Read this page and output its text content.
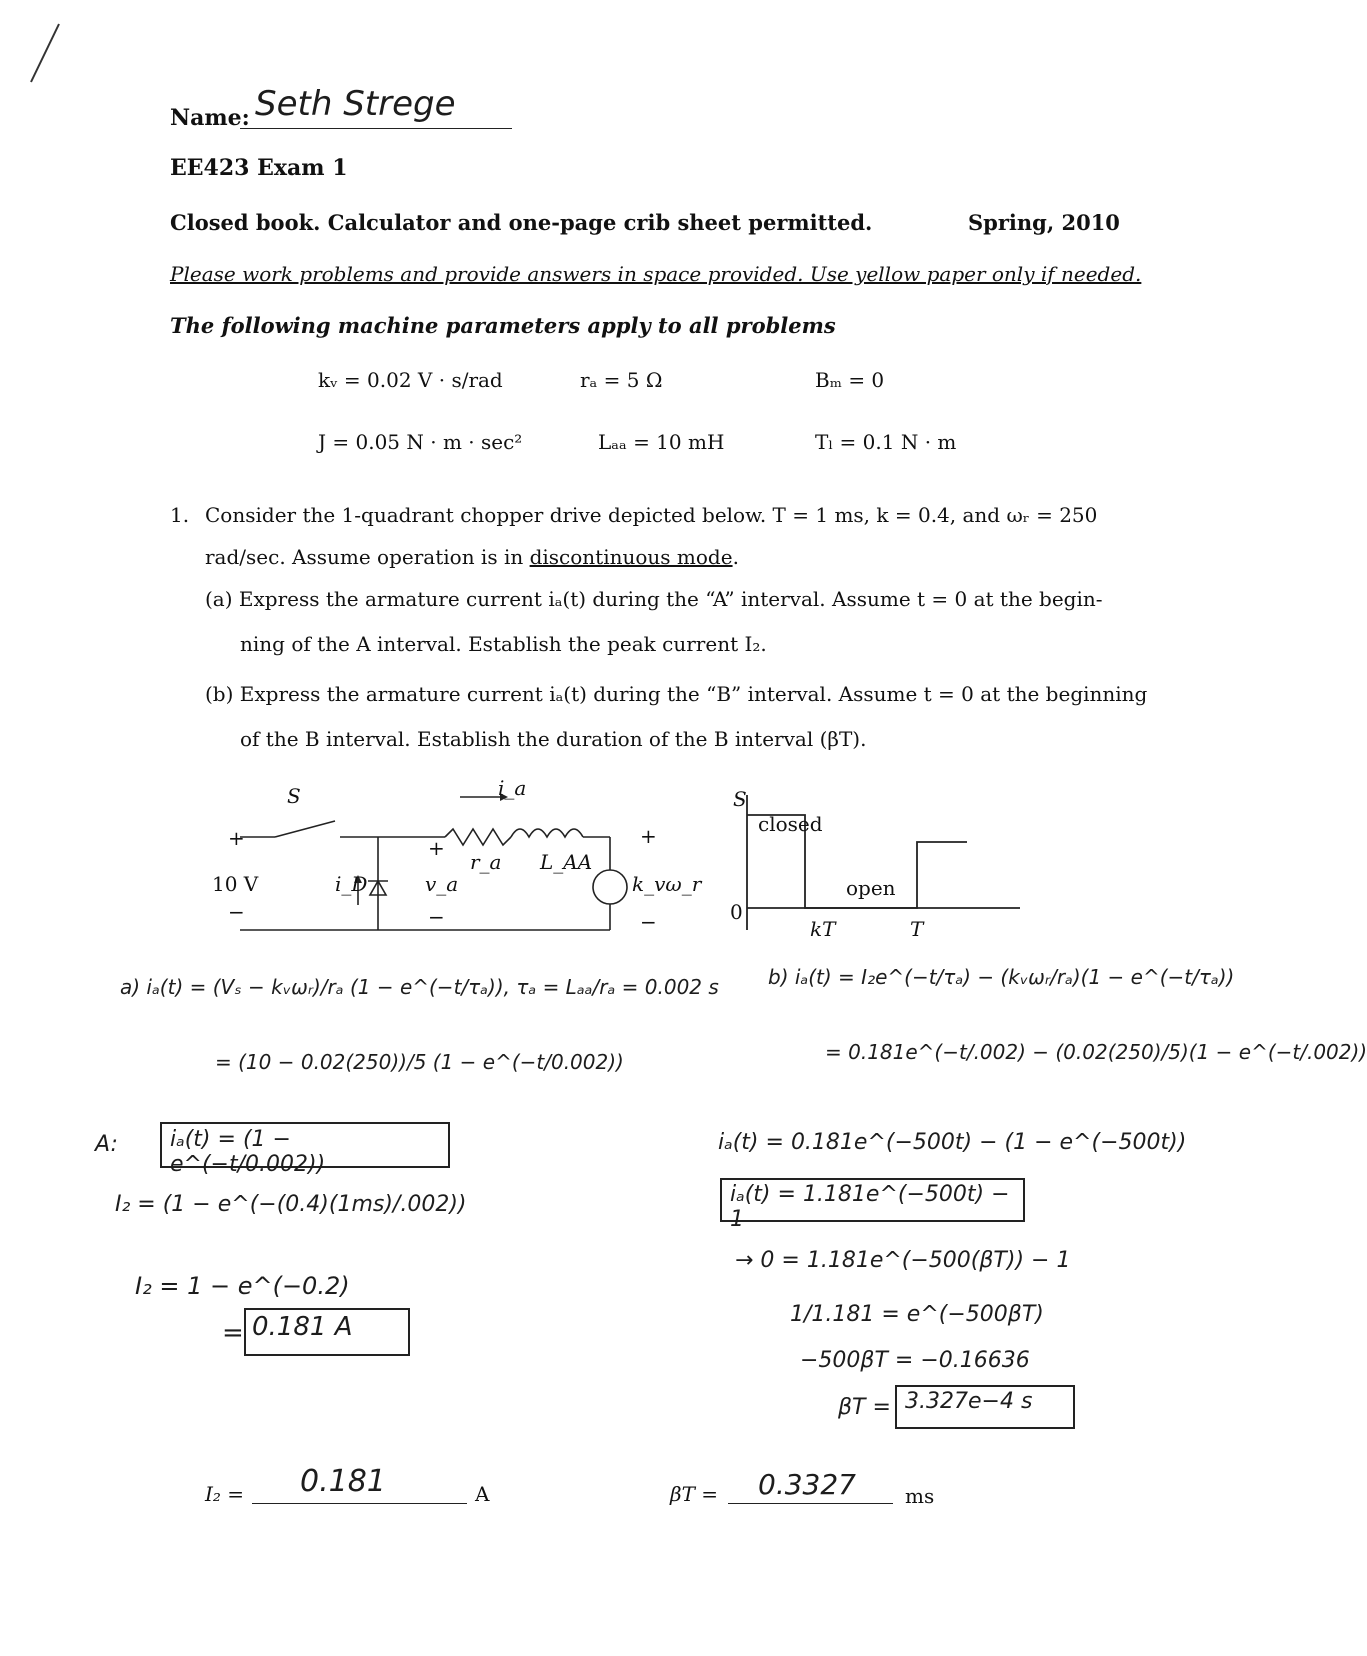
Name: Seth Strege
EE423 Exam 1
Closed book. Calculator and one-page crib sheet permitted.	Spring, 2010
Please work problems and provide answers in space provided. Use yellow paper only if needed.
The following machine parameters apply to all problems
kᵥ = 0.02 V · s/rad	rₐ = 5 Ω	Bₘ = 0
J = 0.05 N · m · sec²	Lₐₐ = 10 mH	Tₗ = 0.1 N · m
1. Consider the 1-quadrant chopper drive depicted below. T = 1 ms, k = 0.4, and ωᵣ = 250
rad/sec. Assume operation is in discontinuous mode.
(a) Express the armature current iₐ(t) during the “A” interval. Assume t = 0 at the begin-
ning of the A interval. Establish the peak current I₂.
(b) Express the armature current iₐ(t) during the “B” interval. Assume t = 0 at the beginning
of the B interval. Establish the duration of the B interval (βT).
S
+
10 V
−
i_D
+
v_a
−
i_a
r_a L_AA
+
k_vω_r
−
S
closed
open
0
kT	T
a) iₐ(t) = (Vₛ − kᵥωᵣ)/rₐ (1 − e^(−t/τₐ)), τₐ = Lₐₐ/rₐ = 0.002 s
= (10 − 0.02(250))/5 (1 − e^(−t/0.002))
A:	iₐ(t) = (1 − e^(−t/0.002))
I₂ = (1 − e^(−(0.4)(1ms)/.002))
I₂ = 1 − e^(−0.2)
= 0.181 A
b) iₐ(t) = I₂e^(−t/τₐ) − (kᵥωᵣ/rₐ)(1 − e^(−t/τₐ))
= 0.181e^(−t/.002) − (0.02(250)/5)(1 − e^(−t/.002))
iₐ(t) = 0.181e^(−500t) − (1 − e^(−500t))
iₐ(t) = 1.181e^(−500t) − 1
→ 0 = 1.181e^(−500(βT)) − 1
1/1.181 = e^(−500βT)
−500βT = −0.16636
βT = 3.327e−4 s
I₂ = 0.181	A	βT = 0.3327 ms
